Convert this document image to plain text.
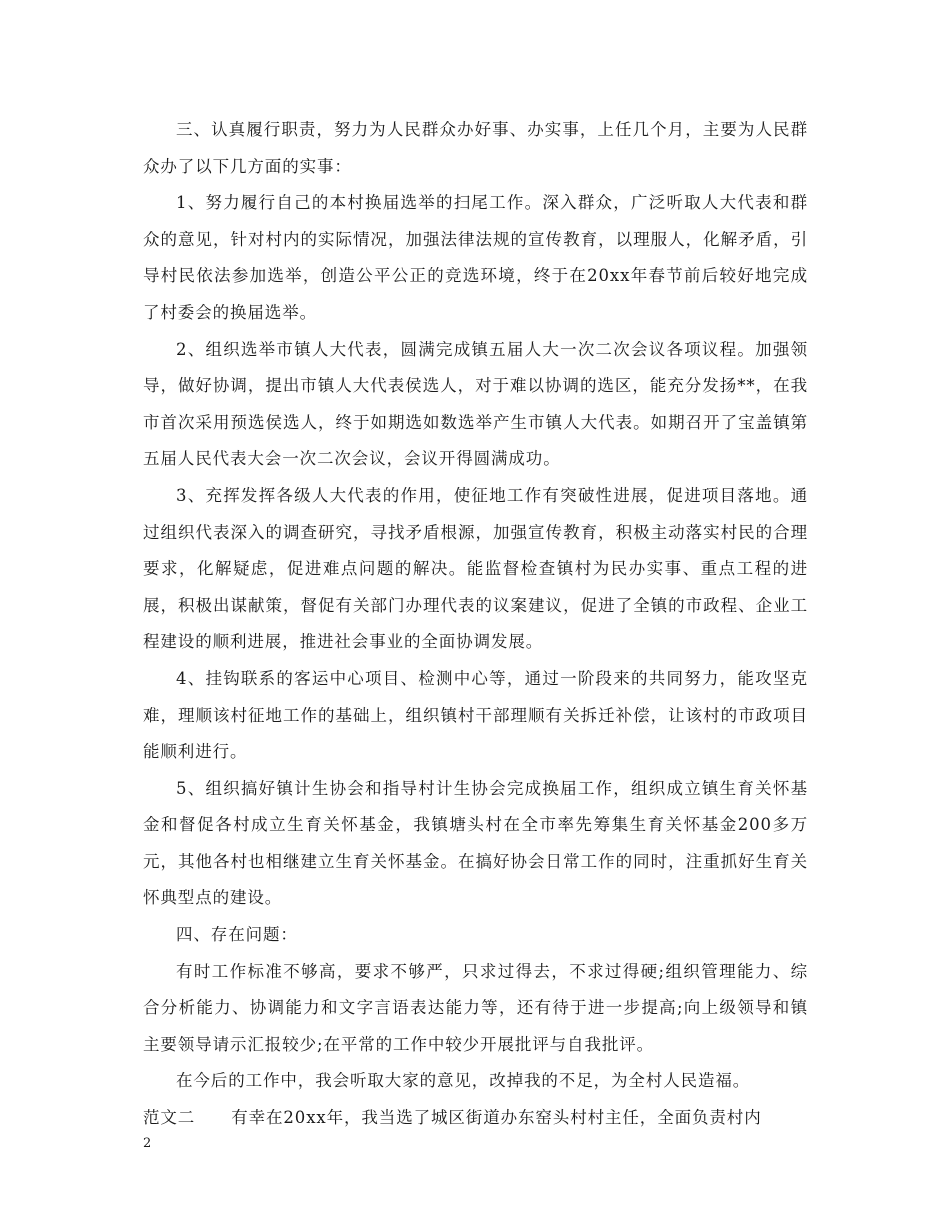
三、认真履行职责，努力为人民群众办好事、办实事，上任几个月，主要为人民群众办了以下几方面的实事：

1、努力履行自己的本村换届选举的扫尾工作。深入群众，广泛听取人大代表和群众的意见，针对村内的实际情况，加强法律法规的宣传教育，以理服人，化解矛盾，引导村民依法参加选举，创造公平公正的竞选环境，终于在20xx年春节前后较好地完成了村委会的换届选举。

2、组织选举市镇人大代表，圆满完成镇五届人大一次二次会议各项议程。加强领导，做好协调，提出市镇人大代表侯选人，对于难以协调的选区，能充分发扬**，在我市首次采用预选侯选人，终于如期选如数选举产生市镇人大代表。如期召开了宝盖镇第五届人民代表大会一次二次会议，会议开得圆满成功。

3、充挥发挥各级人大代表的作用，使征地工作有突破性进展，促进项目落地。通过组织代表深入的调查研究，寻找矛盾根源，加强宣传教育，积极主动落实村民的合理要求，化解疑虑，促进难点问题的解决。能监督检查镇村为民办实事、重点工程的进展，积极出谋献策，督促有关部门办理代表的议案建议，促进了全镇的市政程、企业工程建设的顺利进展，推进社会事业的全面协调发展。

4、挂钩联系的客运中心项目、检测中心等，通过一阶段来的共同努力，能攻坚克难，理顺该村征地工作的基础上，组织镇村干部理顺有关拆迁补偿，让该村的市政项目能顺利进行。

5、组织搞好镇计生协会和指导村计生协会完成换届工作，组织成立镇生育关怀基金和督促各村成立生育关怀基金，我镇塘头村在全市率先筹集生育关怀基金200多万元，其他各村也相继建立生育关怀基金。在搞好协会日常工作的同时，注重抓好生育关怀典型点的建设。

四、存在问题：

有时工作标准不够高，要求不够严，只求过得去，不求过得硬;组织管理能力、综合分析能力、协调能力和文字言语表达能力等，还有待于进一步提高;向上级领导和镇主要领导请示汇报较少;在平常的工作中较少开展批评与自我批评。

在今后的工作中，我会听取大家的意见，改掉我的不足，为全村人民造福。

范文二 有幸在20xx年，我当选了城区街道办东窑头村村主任，全面负责村内

2
